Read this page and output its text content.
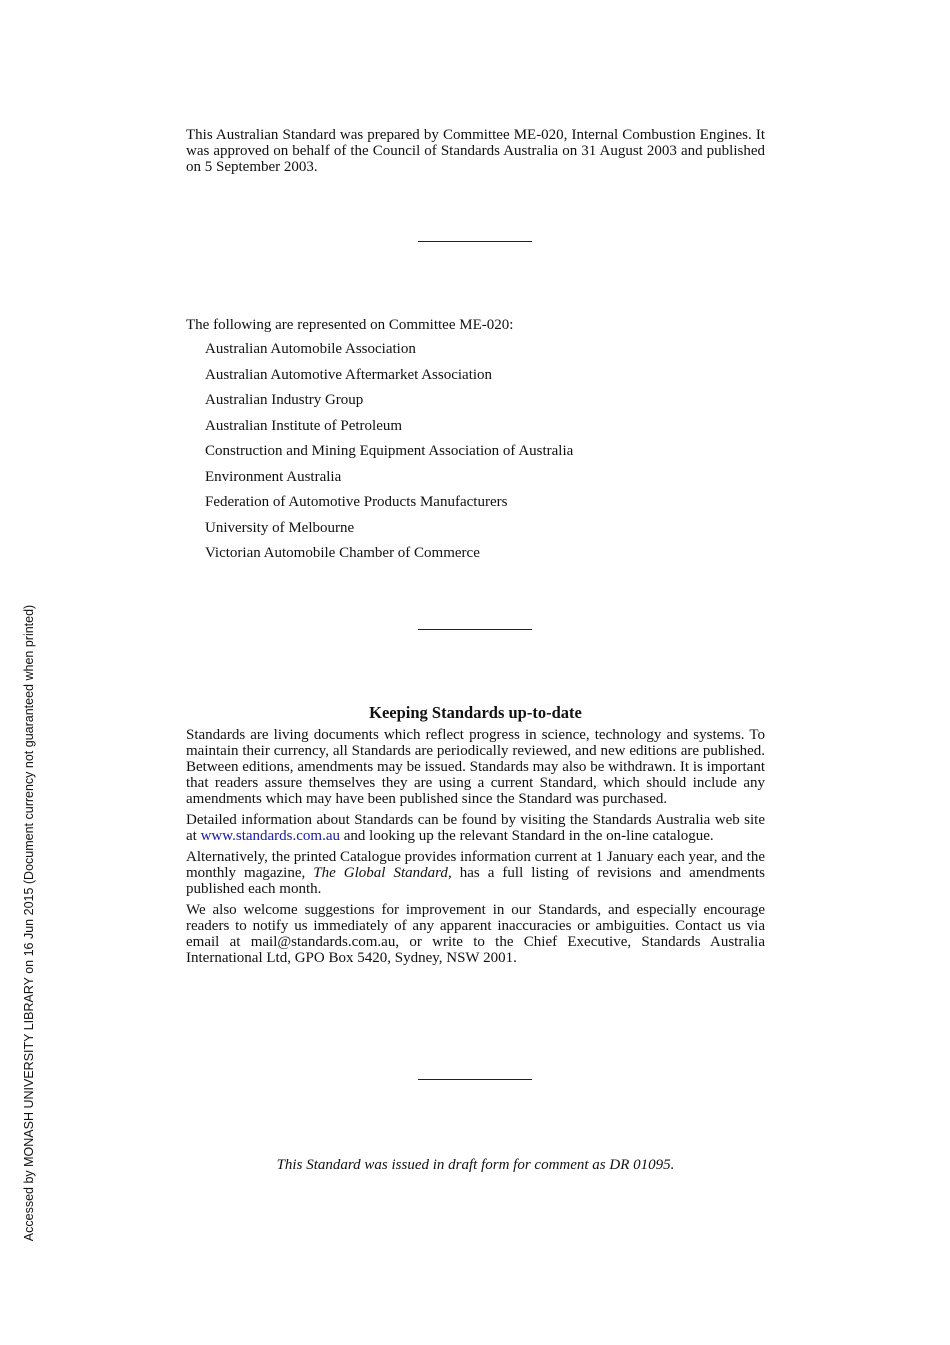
This Australian Standard was prepared by Committee ME-020, Internal Combustion Engines. It was approved on behalf of the Council of Standards Australia on 31 August 2003 and published on 5 September 2003.
The following are represented on Committee ME-020:
Australian Automobile Association
Australian Automotive Aftermarket Association
Australian Industry Group
Australian Institute of Petroleum
Construction and Mining Equipment Association of Australia
Environment Australia
Federation of Automotive Products Manufacturers
University of Melbourne
Victorian Automobile Chamber of Commerce
Keeping Standards up-to-date

Standards are living documents which reflect progress in science, technology and systems. To maintain their currency, all Standards are periodically reviewed, and new editions are published. Between editions, amendments may be issued. Standards may also be withdrawn. It is important that readers assure themselves they are using a current Standard, which should include any amendments which may have been published since the Standard was purchased.

Detailed information about Standards can be found by visiting the Standards Australia web site at www.standards.com.au and looking up the relevant Standard in the on-line catalogue.

Alternatively, the printed Catalogue provides information current at 1 January each year, and the monthly magazine, The Global Standard, has a full listing of revisions and amendments published each month.

We also welcome suggestions for improvement in our Standards, and especially encourage readers to notify us immediately of any apparent inaccuracies or ambiguities. Contact us via email at mail@standards.com.au, or write to the Chief Executive, Standards Australia International Ltd, GPO Box 5420, Sydney, NSW 2001.

This Standard was issued in draft form for comment as DR 01095.
Accessed by MONASH UNIVERSITY LIBRARY on 16 Jun 2015 (Document currency not guaranteed when printed)
